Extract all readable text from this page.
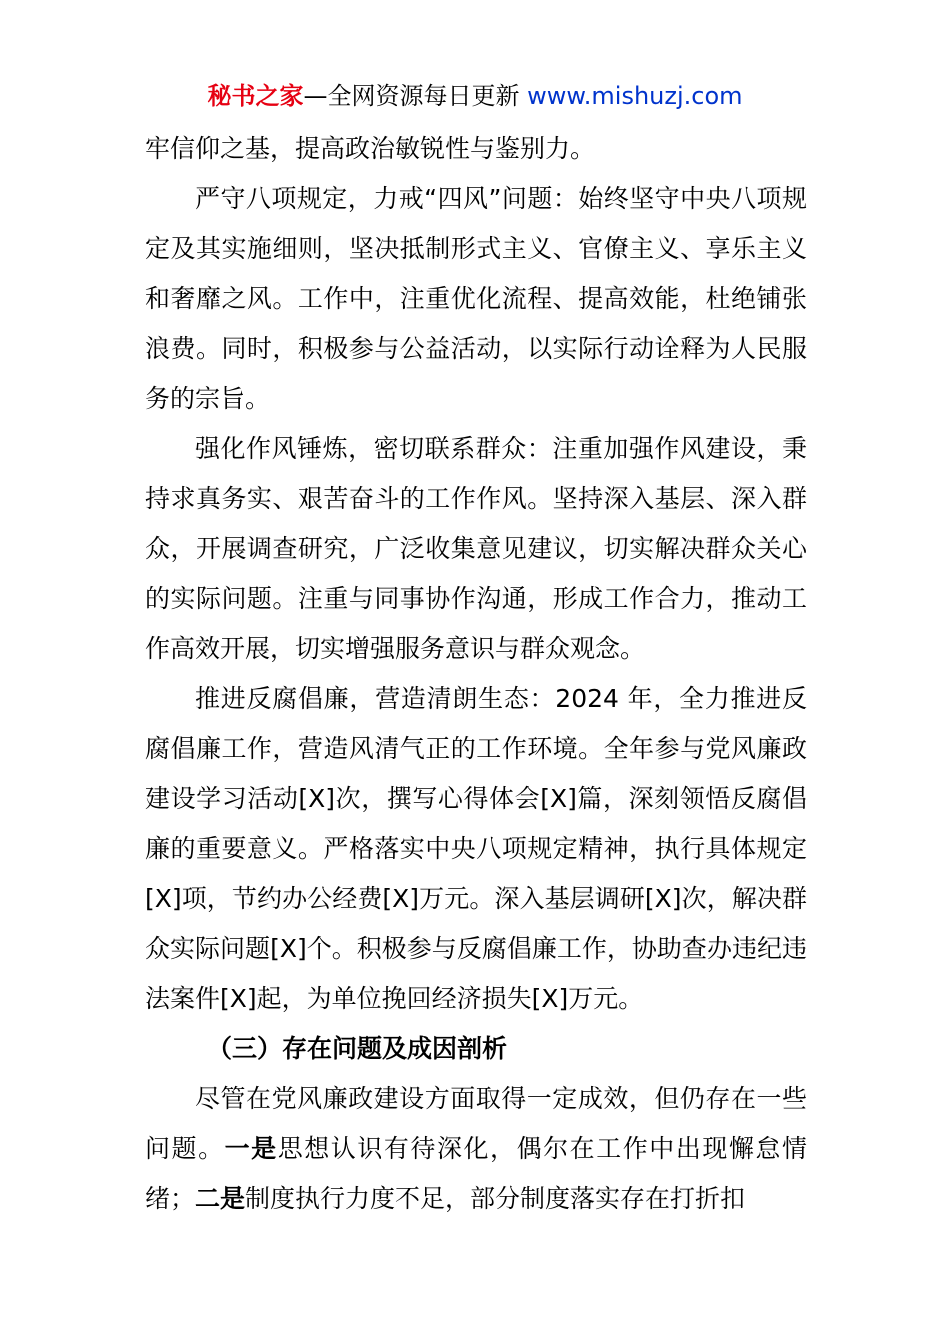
秘书之家—全网资源每日更新 www.mishuzj.com

牢信仰之基，提高政治敏锐性与鉴别力。

严守八项规定，力戒“四风”问题：始终坚守中央八项规定及其实施细则，坚决抵制形式主义、官僚主义、享乐主义和奢靡之风。工作中，注重优化流程、提高效能，杜绝铺张浪费。同时，积极参与公益活动，以实际行动诠释为人民服务的宗旨。

强化作风锤炼，密切联系群众：注重加强作风建设，秉持求真务实、艰苦奋斗的工作作风。坚持深入基层、深入群众，开展调查研究，广泛收集意见建议，切实解决群众关心的实际问题。注重与同事协作沟通，形成工作合力，推动工作高效开展，切实增强服务意识与群众观念。

推进反腐倡廉，营造清朗生态：2024 年，全力推进反腐倡廉工作，营造风清气正的工作环境。全年参与党风廉政建设学习活动[X]次，撰写心得体会[X]篇，深刻领悟反腐倡廉的重要意义。严格落实中央八项规定精神，执行具体规定[X]项，节约办公经费[X]万元。深入基层调研[X]次，解决群众实际问题[X]个。积极参与反腐倡廉工作，协助查办违纪违法案件[X]起，为单位挽回经济损失[X]万元。

（三）存在问题及成因剖析

尽管在党风廉政建设方面取得一定成效，但仍存在一些问题。一是思想认识有待深化，偶尔在工作中出现懈怠情绪；二是制度执行力度不足，部分制度落实存在打折扣
